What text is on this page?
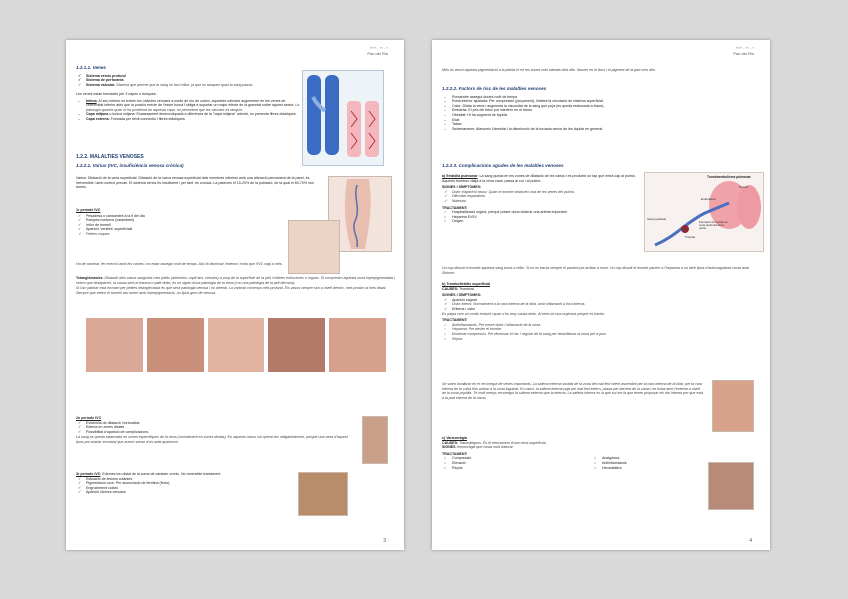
°°°° · °° · °
Pau del Riu
1.2.1.1. Venes
✓ Sistema venós profund
✓ Sistema de perforants
✓ Sistema valvular. Sistema que permet que la sang no faci reflux, ja que es tanquen quan la sang passa.
Les venes estan formades per 3 capes o túniques:
– Íntima: Al seu interior es troben les vàlvules venoses a mode de niu de colom, aquestes vàlvules augmenten en les venes de l'extremitat inferior atès que la posició erecte de l'ésser humà l'obliga a suportar un major efecte de la gravetat sobre aquest sector. La patologia apareix quan hi ha problema en aquesta capa, no permetent que les vàlvules es tanquin.
– Capa mitjana o túnica mitjana: Escassament desenvolupada a diferència de la "capa mitjana" arterial, no presenta fibres elàstiques.
– Capa externa: Formada per teixit connectiu i fibres elàstiques.
1.2.2. MALALTIES VENOSES
1.2.2.1. Varius (IVC, insuficiència venosa crònica)
Varius: Dilatació de la vena superficial. Dilatació de la xarxa venosa superficial dels membres inferiors amb una alteració permanent de la paret, és irreversible i amb control precari. El sistema venós és insuficient i per tant, és crònica. La pateixen el 15-20% de la població, de la qual el 60-70% són dones.
1r període IVC
✓ Pesadesa o cansament a la fi del dia
✓ Rampes nocturns (calambres)
✓ Inflor de turmell
✓ Aparició 'venilles' superficials
✓ Petites coques
Ha de caminar, fer exercici amb les cames i no estar assegut molt de temps. Així fa disminuir l'edema i evita que l'IVC vagi a més.
Telangièctasies: Dilatació dels vasos sanguinis més petits (arterioles, capil·lars, vènules) a prop de la superfície de la pell i d'altres estructures o òrgans. Si comprimim aquesta zona hiperpigmentada i veiem que desapareix, la causa serà el trauma o patir dolor, és un signe d'una patologia de la vena (i no una patologia de la pell dèrmica).
Si l'ací plantar està formant per petites telangièctasia és que serà patologia venosa i no arterial. La varicosi comença més profund. Els vasos sempre son a nivell dèrmic, més proxim al més distal. Sempre que veiem el turmell així anem amb hiperpigmentació, un tipus greu de venosa.
2n període IVC
✓ Evidència de dilatació i tortuositat.
✓ Edema en zones distals
✓ Possibilitat d'aparició de complicacions.
La sang es queda estancada en zones específiques de la vena (normalment en zones distals). En aquests casos cal operar-les obligatòriament, perquè una vena d'aquest tipus pot acabar trombosi que avorrir sense d'un aviat qualsevol.
3r període IVC: Edemes tou distal de la coma de caràcter crònic. No reversible tractament.
✓ Estiuació de lesions cutànies
✓ Pigmentació ocre. Per acumulació de ferritina (ferro).
✓ Engruiximent cutani.
✓ Aparició úlceres venoses
3
°°°° · °° · °
Pau del Riu
Més es veurà aquesta pigmentació a la planta ni en les zones més laterals dels dits. Només en el dors i la pigment de la part més dèu.
1.2.2.2. Factors de risc de les malalties venoses
– Romandre assegut durant molt de temps.
– Roba interior ajustada: Per compressió (pinçament), limitant la circulació de sistema superficial.
– Calor: Dilata la vena i augmenta la viscositat de la sang que puja (es queda estancada a fosos).
– Embaràs: El pes del fetus pot interferir en el retorn.
– Obesitat: Hi ha augment de líquids.
– Edat
– Tabac
– Sedentarisme: Afavoreix l'obesitat i la disminució de la tornada venós de les líquids en general.
1.2.2.3. Complicacions agudes de les malalties venoses
a) Embòlia pulmonar: La sang queda en les zones de dilatació de les varius i es produeix un tap que entrà cap al pulmó. Aquests trombos viatja a la vena cava, passa al cor i al pulmó.
SIGNES I SÍMPTOMES:
✓ Dolor d'aparició brusc: Quan el trombe obstrueix una de les venes del pulmó.
✓ Dificultat respiratòria
✓ Malestar
TRACTAMENT:
○ Hospitalització urgent, perquè potser dona obstruir una artèria important
○ Heparina EV/IV
○ Oxigen
Tromboembolisme pulmonar
Embolisme
Pulmó
Vena popliteal
Trombe
Formació de trombo en vena profunda de la cama
Un cop dissolt el trombe aquesta sang torna a reflui. Si no es tracta sempre el pacient pot arribar a morir. Un cop dissolt el trombe pauem a l'heparina a un altre tipus d'anticoagulants coma amb Sintrom.
b) Tromboflebitis superficial
CAUSES: Trombosi
SIGNES I SÍMPTOMES:
✓ Aparició sagnat
✓ Dolor intens: Normalment a la cara interna de la tíbia, amb inflamació a fora interna.
✓ Eritema i calor
Es palpa com un cordó endurit i quan s'es reny causa dolor. Al tenir-ne una urgència perquè es tractin.
TRACTAMENT:
○ Antiinflamatoris. Per treure dolor i inflamació de la zona.
○ Heparina: Per desfer el trombe.
○ Embenat compressiu. Per disminuir el risc i regular de la sang per desinflamar la zona per a puix.
○ Repòs
Se solen localitzar en el recorregut de venes importants. La safena externa sortida de la zona del mal·lèol intern ascendint per la cara interna de la tíbia, per la cara interna de la cuixa fins arribar a la zona inguinal. En canvi, la safena interna puja pel mal·lèol extern, passa per darrera de la cama i es troba amb l'externa a nivell de la zona popítlia. Té molt menys recorregut la safena externa que la interna. La safena interna és la que sol ser la que tenen proposar els dru interna per que està a la part interna de la cama.
c) Varicorràgia
CAUSES: Traumàtiques. És el trencament d'una vena superficial.
SIGNES Hemorràgia que costa molt d'aturar.
TRACTAMENT:
○ Compressió
○ Elevació
○ Repòs
○ Analgèsics
○ Antiinflamatoris
○ Hemostàtics
4
